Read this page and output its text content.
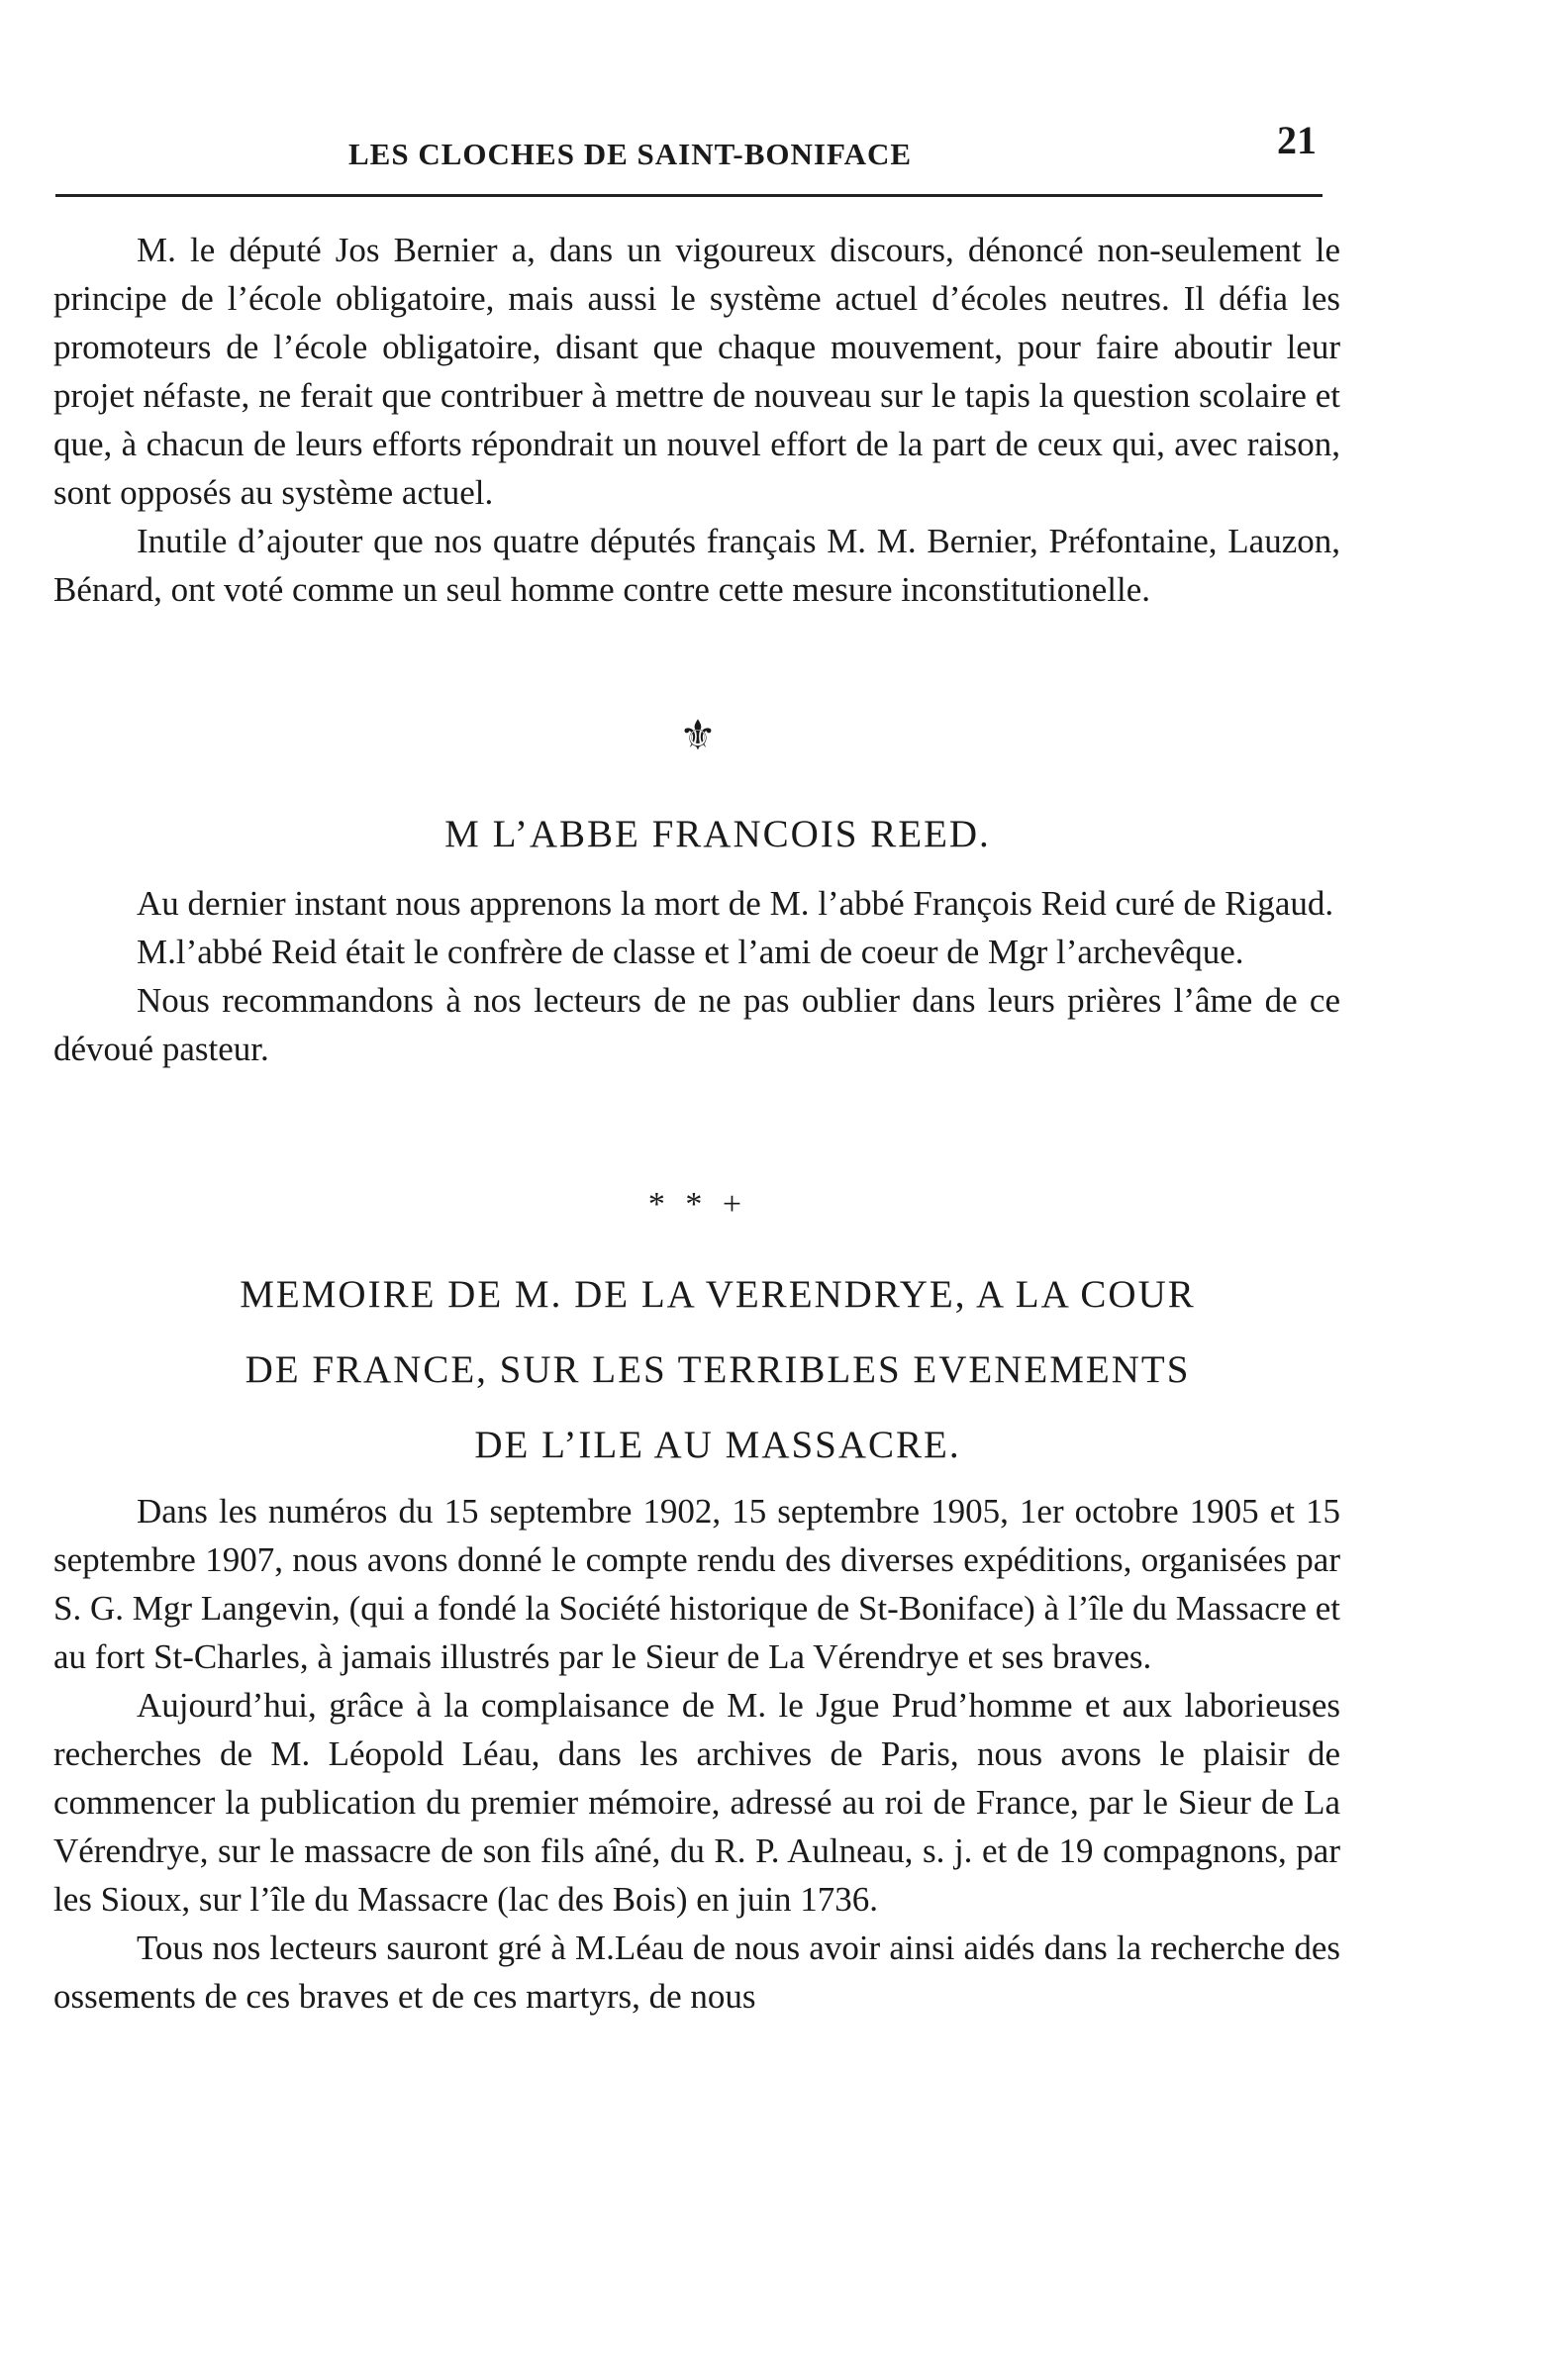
LES CLOCHES DE SAINT-BONIFACE	21

M. le député Jos Bernier a, dans un vigoureux discours, dénoncé non-seulement le principe de l’école obligatoire, mais aussi le système actuel d’écoles neutres. Il défia les promoteurs de l’école obligatoire, disant que chaque mouvement, pour faire aboutir leur projet néfaste, ne ferait que contribuer à mettre de nouveau sur le tapis la question scolaire et que, à chacun de leurs efforts répondrait un nouvel effort de la part de ceux qui, avec raison, sont opposés au système actuel.

Inutile d’ajouter que nos quatre députés français M. M. Bernier, Préfontaine, Lauzon, Bénard, ont voté comme un seul homme contre cette mesure inconstitutionelle.

⚜
M L’ABBE FRANCOIS REED.

Au dernier instant nous apprenons la mort de M. l’abbé François Reid curé de Rigaud.

M.l’abbé Reid était le confrère de classe et l’ami de coeur de Mgr l’archevêque.

Nous recommandons à nos lecteurs de ne pas oublier dans leurs prières l’âme de ce dévoué pasteur.

* * +
MEMOIRE DE M. DE LA VERENDRYE, A LA COUR
DE FRANCE, SUR LES TERRIBLES EVENEMENTS
DE L’ILE AU MASSACRE.

Dans les numéros du 15 septembre 1902, 15 septembre 1905, 1er octobre 1905 et 15 septembre 1907, nous avons donné le compte rendu des diverses expéditions, organisées par S. G. Mgr Langevin, (qui a fondé la Société historique de St-Boniface) à l’île du Massacre et au fort St-Charles, à jamais illustrés par le Sieur de La Vérendrye et ses braves.

Aujourd’hui, grâce à la complaisance de M. le Jgue Prud’homme et aux laborieuses recherches de M. Léopold Léau, dans les archives de Paris, nous avons le plaisir de commencer la publication du premier mémoire, adressé au roi de France, par le Sieur de La Vérendrye, sur le massacre de son fils aîné, du R. P. Aulneau, s. j. et de 19 compagnons, par les Sioux, sur l’île du Massacre (lac des Bois) en juin 1736.

Tous nos lecteurs sauront gré à M.Léau de nous avoir ainsi aidés dans la recherche des ossements de ces braves et de ces martyrs, de nous
